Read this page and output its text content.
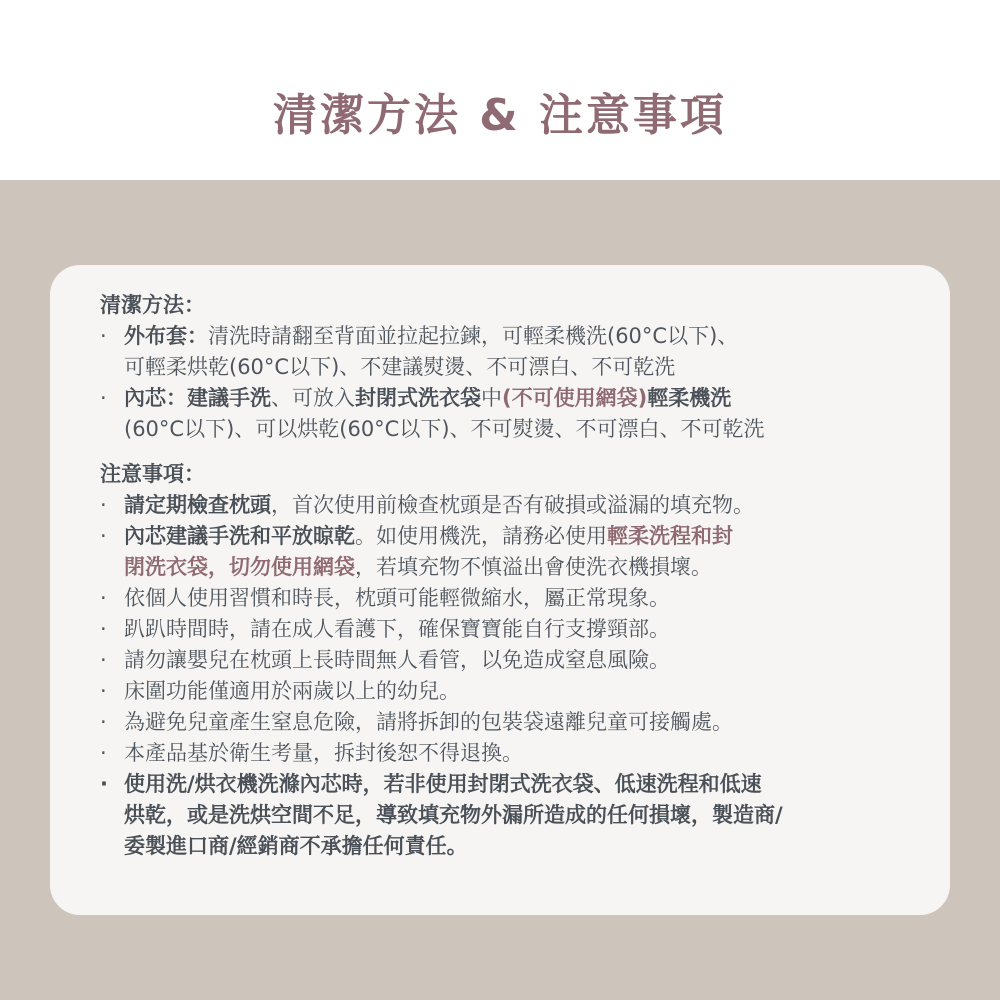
清潔方法 & 注意事項
清潔方法：
· 外布套：清洗時請翻至背面並拉起拉鍊，可輕柔機洗(60°C以下)、
可輕柔烘乾(60°C以下)、不建議熨燙、不可漂白、不可乾洗
· 內芯：建議手洗、可放入封閉式洗衣袋中(不可使用網袋)輕柔機洗
(60°C以下)、可以烘乾(60°C以下)、不可熨燙、不可漂白、不可乾洗
注意事項：
· 請定期檢查枕頭，首次使用前檢查枕頭是否有破損或溢漏的填充物。
· 內芯建議手洗和平放晾乾。如使用機洗，請務必使用輕柔洗程和封
閉洗衣袋，切勿使用網袋，若填充物不慎溢出會使洗衣機損壞。
· 依個人使用習慣和時長，枕頭可能輕微縮水，屬正常現象。
· 趴趴時間時，請在成人看護下，確保寶寶能自行支撐頸部。
· 請勿讓嬰兒在枕頭上長時間無人看管，以免造成窒息風險。
· 床圍功能僅適用於兩歲以上的幼兒。
· 為避免兒童產生窒息危險，請將拆卸的包裝袋遠離兒童可接觸處。
· 本產品基於衛生考量，拆封後恕不得退換。
· 使用洗/烘衣機洗滌內芯時，若非使用封閉式洗衣袋、低速洗程和低速
烘乾，或是洗烘空間不足，導致填充物外漏所造成的任何損壞，製造商/
委製進口商/經銷商不承擔任何責任。
